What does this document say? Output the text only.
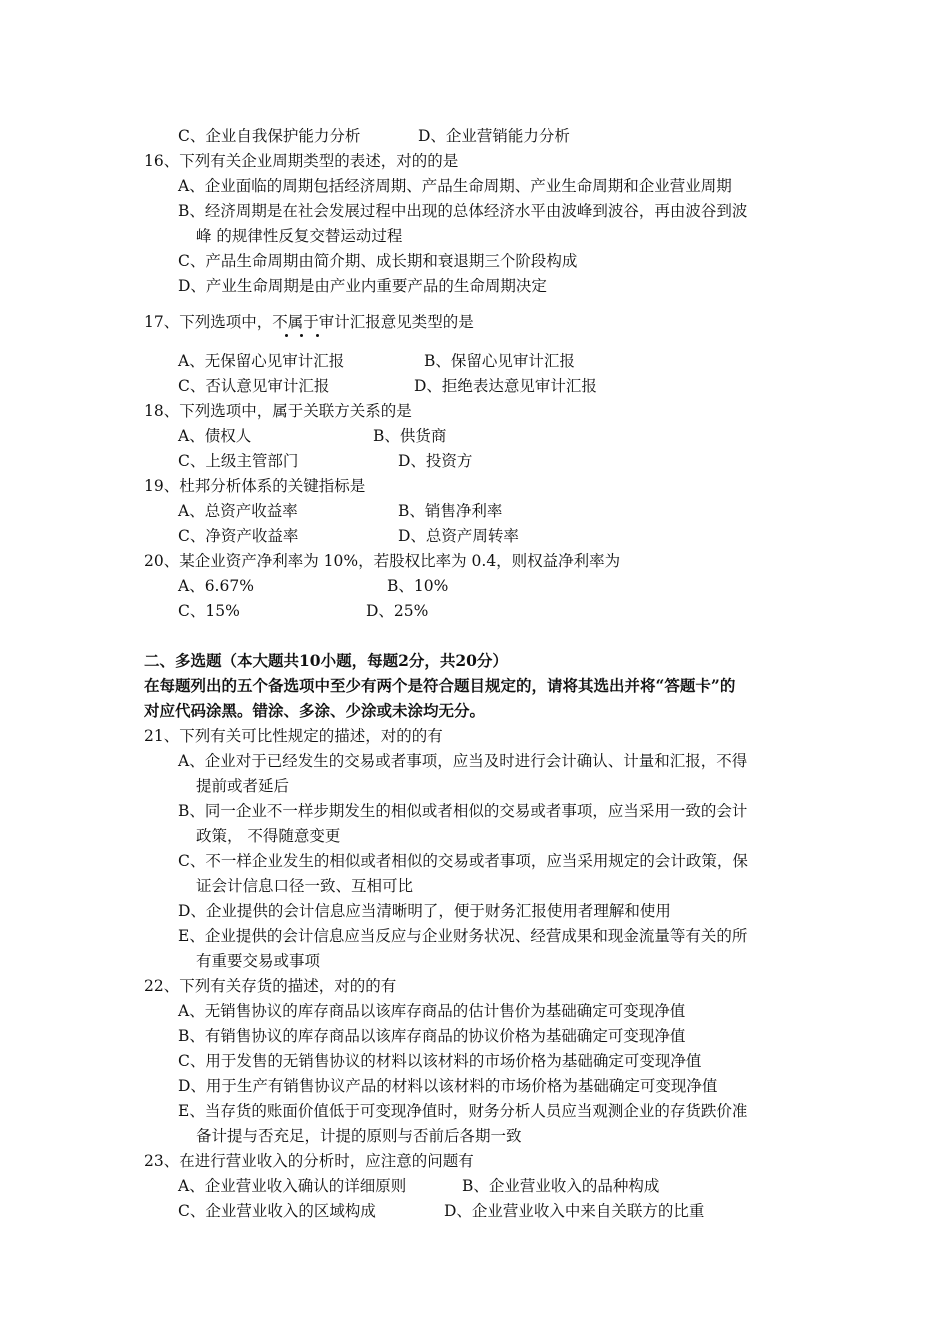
C、企业自我保护能力分析	D、企业营销能力分析
16、下列有关企业周期类型的表述，对的的是
A、企业面临的周期包括经济周期、产品生命周期、产业生命周期和企业营业周期
B、经济周期是在社会发展过程中出现的总体经济水平由波峰到波谷，再由波谷到波
峰 的规律性反复交替运动过程
C、产品生命周期由简介期、成长期和衰退期三个阶段构成
D、产业生命周期是由产业内重要产品的生命周期决定
17、下列选项中，不属于审计汇报意见类型的是
A、无保留心见审计汇报	B、保留心见审计汇报
C、否认意见审计汇报	D、拒绝表达意见审计汇报
18、下列选项中，属于关联方关系的是
A、债权人	B、供货商
C、上级主管部门	D、投资方
19、杜邦分析体系的关键指标是
A、总资产收益率	B、销售净利率
C、净资产收益率	D、总资产周转率
20、某企业资产净利率为 10%，若股权比率为 0.4，则权益净利率为
A、6.67%	B、10%
C、15%	D、25%
二、多选题（本大题共10小题，每题2分，共20分）
在每题列出的五个备选项中至少有两个是符合题目规定的，请将其选出并将“答题卡”的
对应代码涂黑。错涂、多涂、少涂或未涂均无分。
21、下列有关可比性规定的描述，对的的有
A、企业对于已经发生的交易或者事项，应当及时进行会计确认、计量和汇报，不得
提前或者延后
B、同一企业不一样步期发生的相似或者相似的交易或者事项，应当采用一致的会计
政策， 不得随意变更
C、不一样企业发生的相似或者相似的交易或者事项，应当采用规定的会计政策，保
证会计信息口径一致、互相可比
D、企业提供的会计信息应当清晰明了，便于财务汇报使用者理解和使用
E、企业提供的会计信息应当反应与企业财务状况、经营成果和现金流量等有关的所
有重要交易或事项
22、下列有关存货的描述，对的的有
A、无销售协议的库存商品以该库存商品的估计售价为基础确定可变现净值
B、有销售协议的库存商品以该库存商品的协议价格为基础确定可变现净值
C、用于发售的无销售协议的材料以该材料的市场价格为基础确定可变现净值
D、用于生产有销售协议产品的材料以该材料的市场价格为基础确定可变现净值
E、当存货的账面价值低于可变现净值时，财务分析人员应当观测企业的存货跌价准
备计提与否充足，计提的原则与否前后各期一致
23、在进行营业收入的分析时，应注意的问题有
A、企业营业收入确认的详细原则	B、企业营业收入的品种构成
C、企业营业收入的区域构成	D、企业营业收入中来自关联方的比重
